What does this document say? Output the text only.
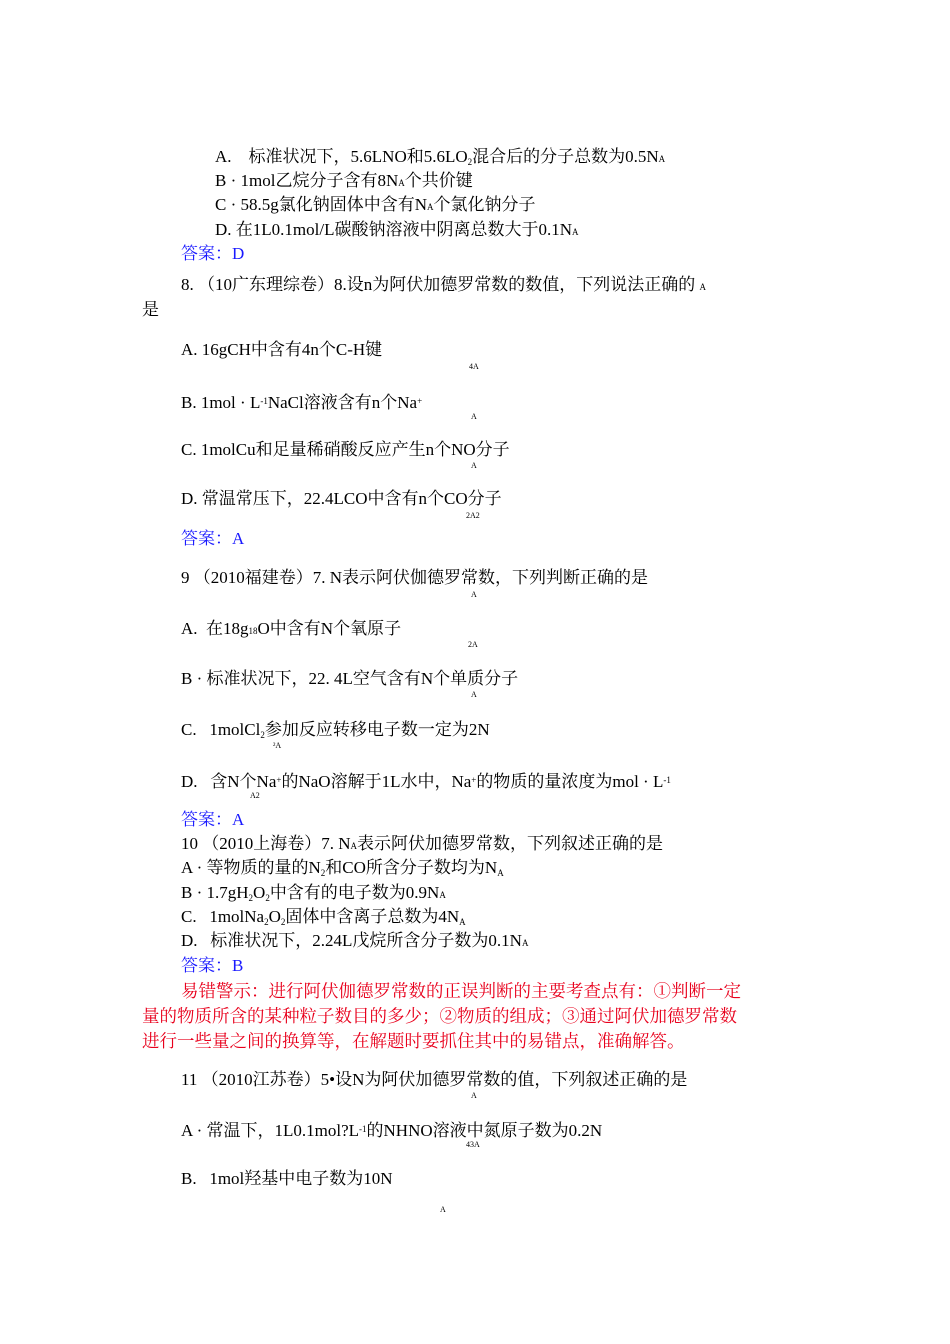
A.    标准状况下，5.6LNO和5.6LO2混合后的分子总数为0.5NA
B · 1mol乙烷分子含有8NA个共价键
C · 58.5g氯化钠固体中含有NA个氯化钠分子
D. 在1L0.1mol/L碳酸钠溶液中阴离总数大于0.1NA
答案：D
8. （10广东理综卷）8.设n为阿伏加德罗常数的数值，下列说法正确的 A
是
A. 16gCH中含有4n个C-H键
4A
B. $1mol \cdot L^{-1}NaCl$溶液含有n个Na+
A
C. 1molCu和足量稀硝酸反应产生n个NO分子
A
D. 常温常压下，22.4LCO中含有n个CO分子
2A2
答案：A
9 （2010福建卷）7. N表示阿伏伽德罗常数，下列判断正确的是
A
A.  在18g18O中含有N个氧原子
2A
B · 标准状况下，22. 4L空气含有N个单质分子
A
C.   1molCl2参加反应转移电子数一定为2N
²A
D.   含N个Na+的NaO溶解于1L水中，Na+的物质的量浓度为mol · $L^{-1}$
A2
答案：A
10 （2010上海卷）7. NA表示阿伏加德罗常数，下列叙述正确的是
A · 等物质的量的N2和CO所含分子数均为NA
B · 1.7gH2O2中含有的电子数为0.9NA
C.   1molNa2O2固体中含离子总数为4NA
D.   标准状况下，2.24L戊烷所含分子数为0.1NA
答案：B
易错警示：进行阿伏伽德罗常数的正误判断的主要考查点有：①判断一定
量的物质所含的某种粒子数目的多少；②物质的组成；③通过阿伏加德罗常数
进行一些量之间的换算等，在解题时要抓住其中的易错点，准确解答。
11 （2010江苏卷）5•设N为阿伏加德罗常数的值，下列叙述正确的是
A
A · 常温下，$1L0.1mol?L^{-1}$的NHNO溶液中氮原子数为0.2N
43A
B.   1mol羟基中电子数为10N
A
